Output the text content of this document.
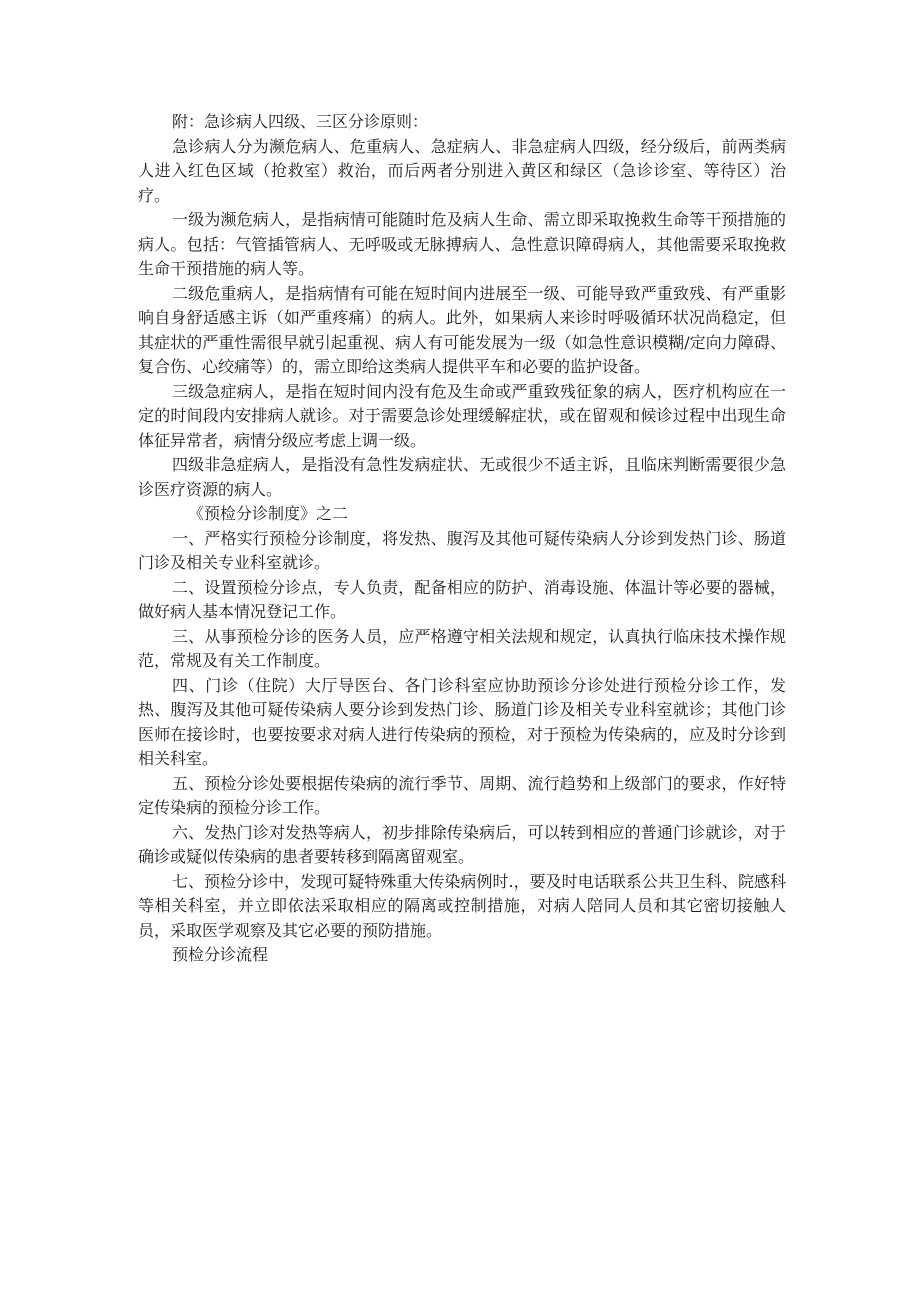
附：急诊病人四级、三区分诊原则：

急诊病人分为濒危病人、危重病人、急症病人、非急症病人四级，经分级后，前两类病人进入红色区域（抢救室）救治，而后两者分别进入黄区和绿区（急诊诊室、等待区）治疗。

一级为濒危病人，是指病情可能随时危及病人生命、需立即采取挽救生命等干预措施的病人。包括：气管插管病人、无呼吸或无脉搏病人、急性意识障碍病人，其他需要采取挽救生命干预措施的病人等。

二级危重病人，是指病情有可能在短时间内进展至一级、可能导致严重致残、有严重影响自身舒适感主诉（如严重疼痛）的病人。此外，如果病人来诊时呼吸循环状况尚稳定，但其症状的严重性需很早就引起重视、病人有可能发展为一级（如急性意识模糊/定向力障碍、复合伤、心绞痛等）的，需立即给这类病人提供平车和必要的监护设备。

三级急症病人，是指在短时间内没有危及生命或严重致残征象的病人，医疗机构应在一定的时间段内安排病人就诊。对于需要急诊处理缓解症状，或在留观和候诊过程中出现生命体征异常者，病情分级应考虑上调一级。

四级非急症病人，是指没有急性发病症状、无或很少不适主诉，且临床判断需要很少急诊医疗资源的病人。

《预检分诊制度》之二

一、严格实行预检分诊制度，将发热、腹泻及其他可疑传染病人分诊到发热门诊、肠道门诊及相关专业科室就诊。

二、设置预检分诊点，专人负责，配备相应的防护、消毒设施、体温计等必要的器械，做好病人基本情况登记工作。

三、从事预检分诊的医务人员，应严格遵守相关法规和规定，认真执行临床技术操作规范，常规及有关工作制度。

四、门诊（住院）大厅导医台、各门诊科室应协助预诊分诊处进行预检分诊工作，发热、腹泻及其他可疑传染病人要分诊到发热门诊、肠道门诊及相关专业科室就诊；其他门诊医师在接诊时，也要按要求对病人进行传染病的预检，对于预检为传染病的，应及时分诊到相关科室。

五、预检分诊处要根据传染病的流行季节、周期、流行趋势和上级部门的要求，作好特定传染病的预检分诊工作。

六、发热门诊对发热等病人，初步排除传染病后，可以转到相应的普通门诊就诊，对于确诊或疑似传染病的患者要转移到隔离留观室。

七、预检分诊中，发现可疑特殊重大传染病例时.，要及时电话联系公共卫生科、院感科等相关科室，并立即依法采取相应的隔离或控制措施，对病人陪同人员和其它密切接触人员，采取医学观察及其它必要的预防措施。

预检分诊流程
